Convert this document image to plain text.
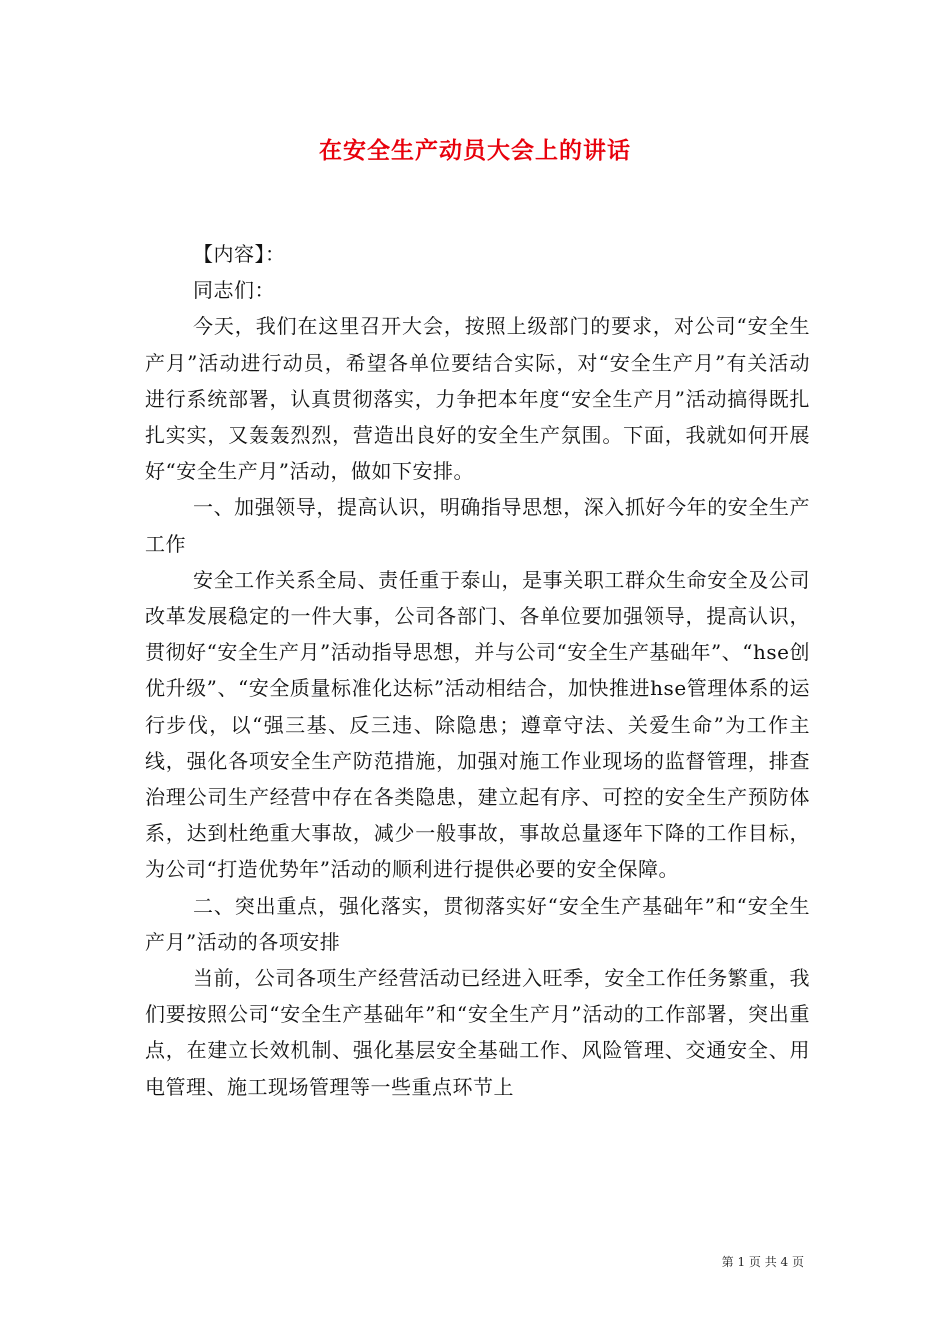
在安全生产动员大会上的讲话

【内容】：

同志们：

今天，我们在这里召开大会，按照上级部门的要求，对公司“安全生产月”活动进行动员，希望各单位要结合实际，对“安全生产月”有关活动进行系统部署，认真贯彻落实，力争把本年度“安全生产月”活动搞得既扎扎实实，又轰轰烈烈，营造出良好的安全生产氛围。下面，我就如何开展好“安全生产月”活动，做如下安排。

一、加强领导，提高认识，明确指导思想，深入抓好今年的安全生产工作

安全工作关系全局、责任重于泰山，是事关职工群众生命安全及公司改革发展稳定的一件大事，公司各部门、各单位要加强领导，提高认识，贯彻好“安全生产月”活动指导思想，并与公司“安全生产基础年”、“hse创优升级”、“安全质量标准化达标”活动相结合，加快推进hse管理体系的运行步伐，以“强三基、反三违、除隐患；遵章守法、关爱生命”为工作主线，强化各项安全生产防范措施，加强对施工作业现场的监督管理，排查治理公司生产经营中存在各类隐患，建立起有序、可控的安全生产预防体系，达到杜绝重大事故，减少一般事故，事故总量逐年下降的工作目标，为公司“打造优势年”活动的顺利进行提供必要的安全保障。

二、突出重点，强化落实，贯彻落实好“安全生产基础年”和“安全生产月”活动的各项安排

当前，公司各项生产经营活动已经进入旺季，安全工作任务繁重，我们要按照公司“安全生产基础年”和“安全生产月”活动的工作部署，突出重点，在建立长效机制、强化基层安全基础工作、风险管理、交通安全、用电管理、施工现场管理等一些重点环节上

第 1 页 共 4 页
